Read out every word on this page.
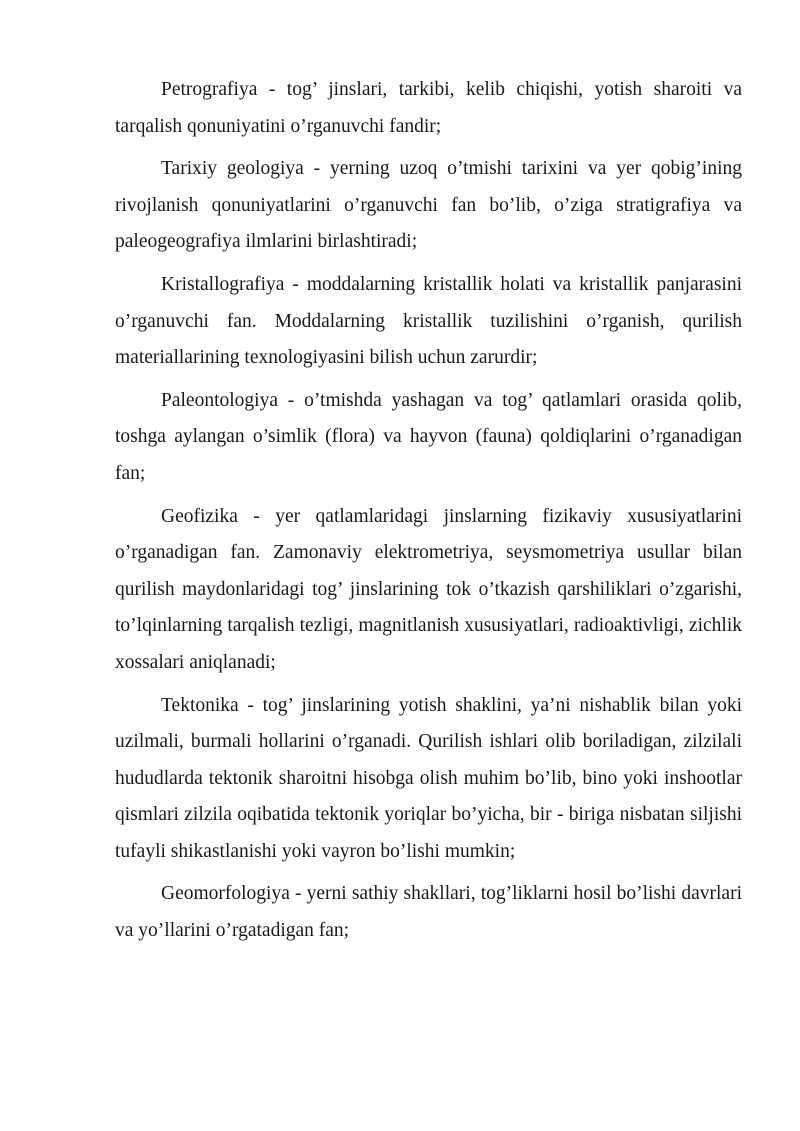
Petrografiya - tog’ jinslari, tarkibi, kelib chiqishi, yotish sharoiti va tarqalish qonuniyatini o’rganuvchi fandir;

Tarixiy geologiya - yerning uzoq o’tmishi tarixini va yer qobig’ining rivojlanish qonuniyatlarini o’rganuvchi fan bo’lib, o’ziga stratigrafiya va paleogeografiya ilmlarini birlashtiradi;

Kristallografiya - moddalarning kristallik holati va kristallik panjarasini o’rganuvchi fan. Moddalarning kristallik tuzilishini o’rganish, qurilish materiallarining texnologiyasini bilish uchun zarurdir;

Paleontologiya - o’tmishda yashagan va tog’ qatlamlari orasida qolib, toshga aylangan o’simlik (flora) va hayvon (fauna) qoldiqlarini o’rganadigan fan;

Geofizika - yer qatlamlaridagi jinslarning fizikaviy xususiyatlarini o’rganadigan fan. Zamonaviy elektrometriya, seysmometriya usullar bilan qurilish maydonlaridagi tog’ jinslarining tok o’tkazish qarshiliklari o’zgarishi, to’lqinlarning tarqalish tezligi, magnitlanish xususiyatlari, radioaktivligi, zichlik xossalari aniqlanadi;

Tektonika - tog’ jinslarining yotish shaklini, ya’ni nishablik bilan yoki uzilmali, burmali hollarini o’rganadi. Qurilish ishlari olib boriladigan, zilzilali hududlarda tektonik sharoitni hisobga olish muhim bo’lib, bino yoki inshootlar qismlari zilzila oqibatida tektonik yoriqlar bo’yicha, bir - biriga nisbatan siljishi tufayli shikastlanishi yoki vayron bo’lishi mumkin;

Geomorfologiya - yerni sathiy shakllari, tog’liklarni hosil bo’lishi davrlari va yo’llarini o’rgatadigan fan;
